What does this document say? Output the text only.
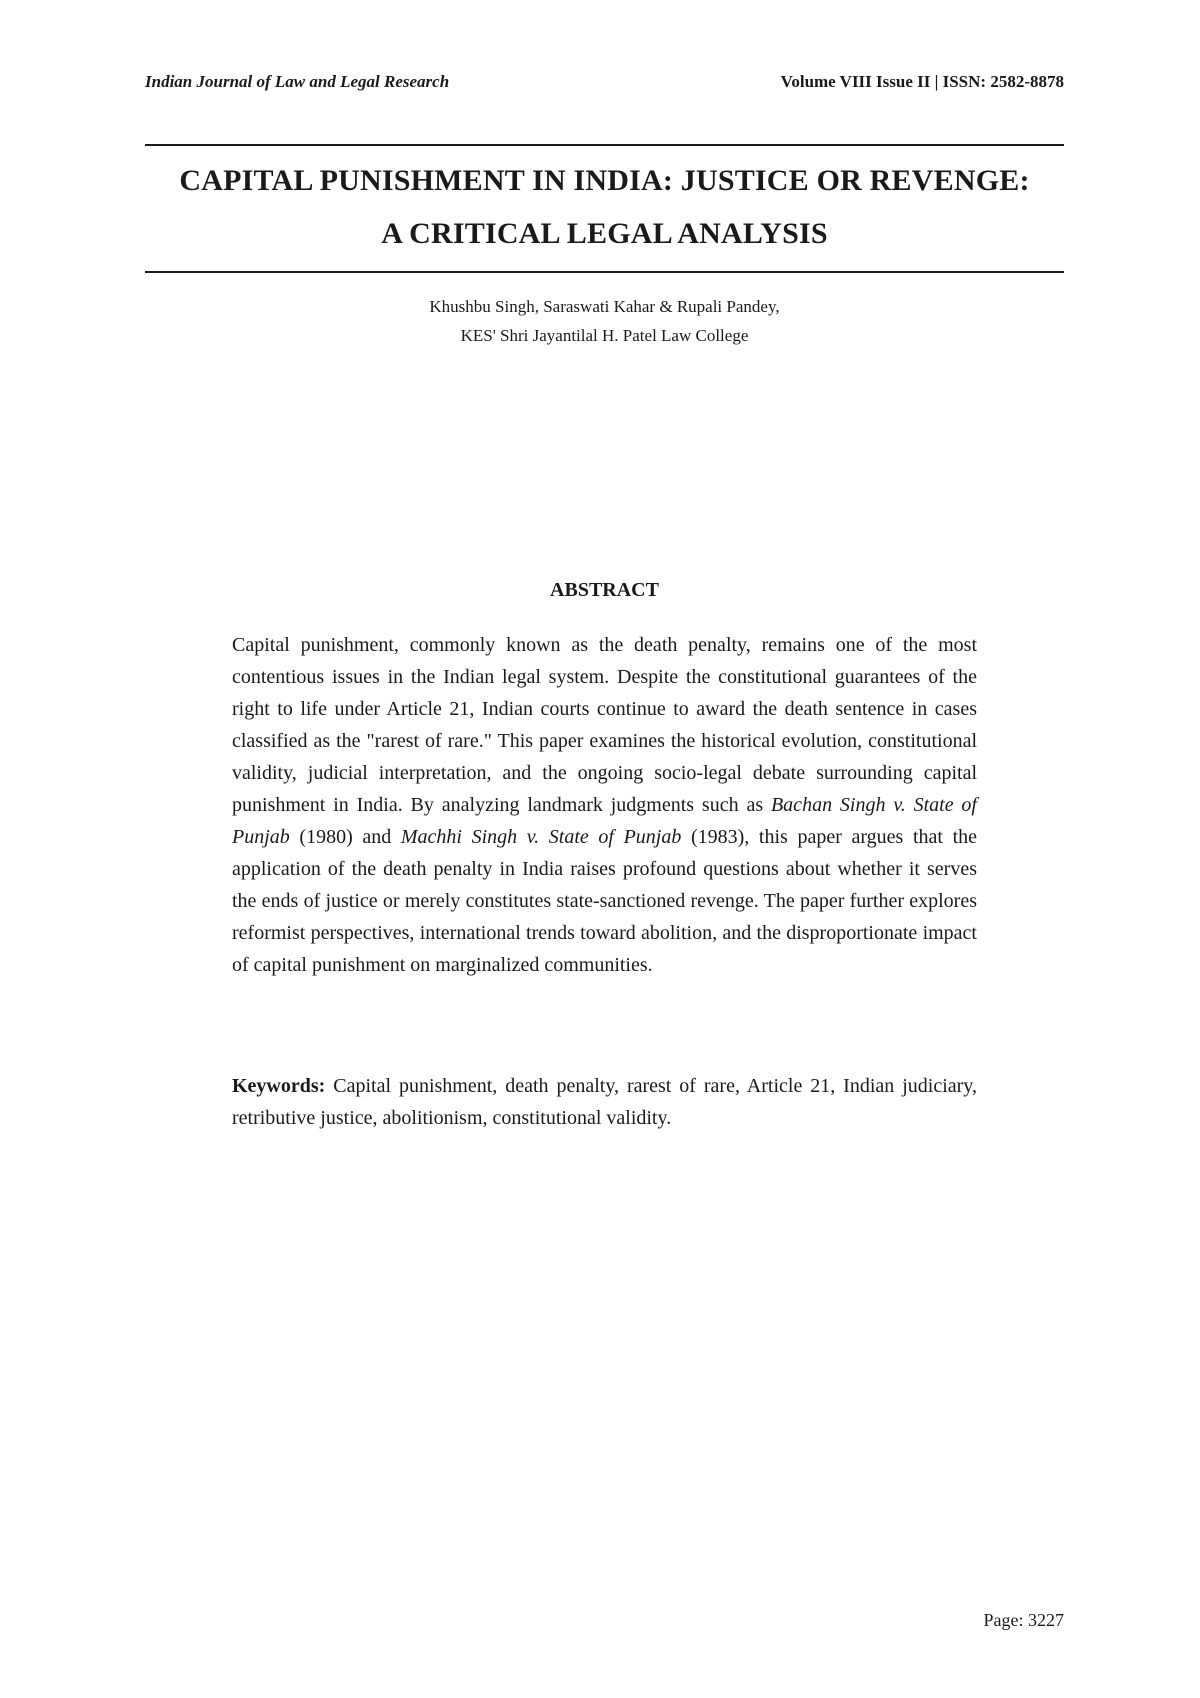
Indian Journal of Law and Legal Research	Volume VIII Issue II | ISSN: 2582-8878
CAPITAL PUNISHMENT IN INDIA: JUSTICE OR REVENGE:
A CRITICAL LEGAL ANALYSIS
Khushbu Singh, Saraswati Kahar & Rupali Pandey,
KES' Shri Jayantilal H. Patel Law College
ABSTRACT
Capital punishment, commonly known as the death penalty, remains one of the most contentious issues in the Indian legal system. Despite the constitutional guarantees of the right to life under Article 21, Indian courts continue to award the death sentence in cases classified as the "rarest of rare." This paper examines the historical evolution, constitutional validity, judicial interpretation, and the ongoing socio-legal debate surrounding capital punishment in India. By analyzing landmark judgments such as Bachan Singh v. State of Punjab (1980) and Machhi Singh v. State of Punjab (1983), this paper argues that the application of the death penalty in India raises profound questions about whether it serves the ends of justice or merely constitutes state-sanctioned revenge. The paper further explores reformist perspectives, international trends toward abolition, and the disproportionate impact of capital punishment on marginalized communities.
Keywords: Capital punishment, death penalty, rarest of rare, Article 21, Indian judiciary, retributive justice, abolitionism, constitutional validity.
Page: 3227
